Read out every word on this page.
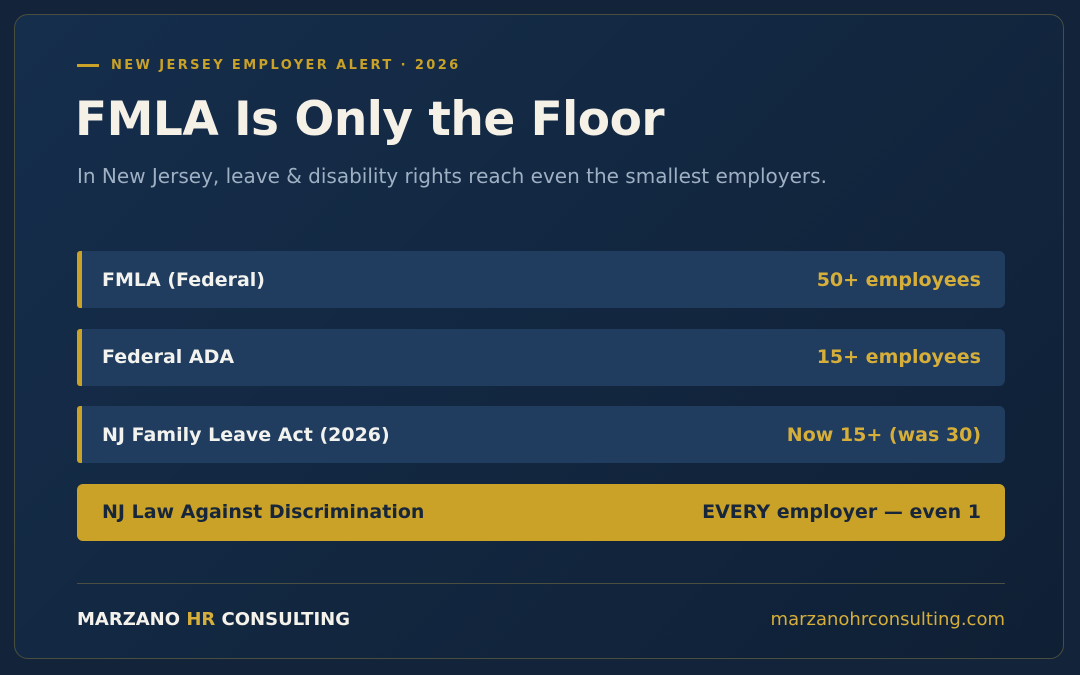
NEW JERSEY EMPLOYER ALERT · 2026
FMLA Is Only the Floor
In New Jersey, leave & disability rights reach even the smallest employers.
FMLA (Federal)	50+ employees
Federal ADA	15+ employees
NJ Family Leave Act (2026)	Now 15+ (was 30)
NJ Law Against Discrimination	EVERY employer — even 1
MARZANO HR CONSULTING	marzanohrconsulting.com
